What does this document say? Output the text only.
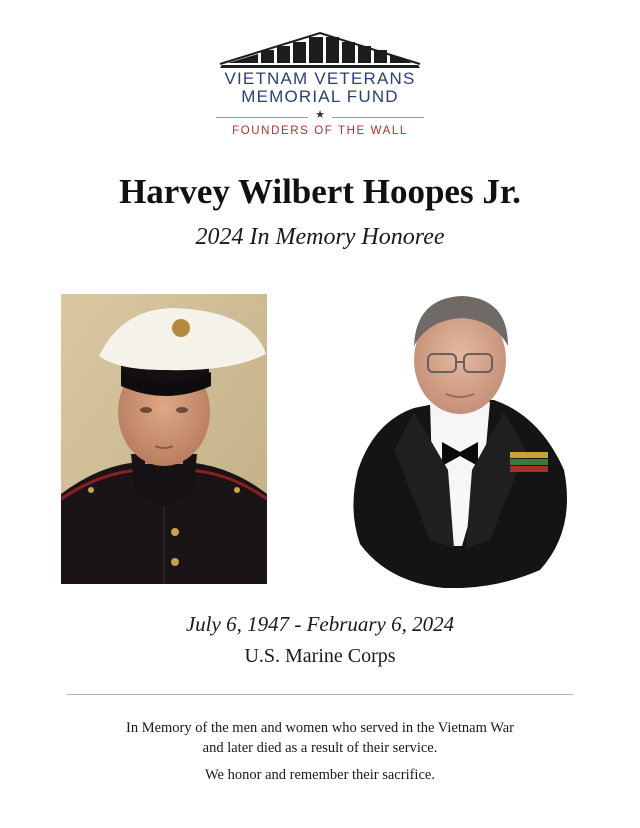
VIETNAM VETERANS
MEMORIAL FUND
★
FOUNDERS OF THE WALL
Harvey Wilbert Hoopes Jr.
2024 In Memory Honoree
July 6, 1947 - February 6, 2024
U.S. Marine Corps
In Memory of the men and women who served in the Vietnam War
and later died as a result of their service.
We honor and remember their sacrifice.
